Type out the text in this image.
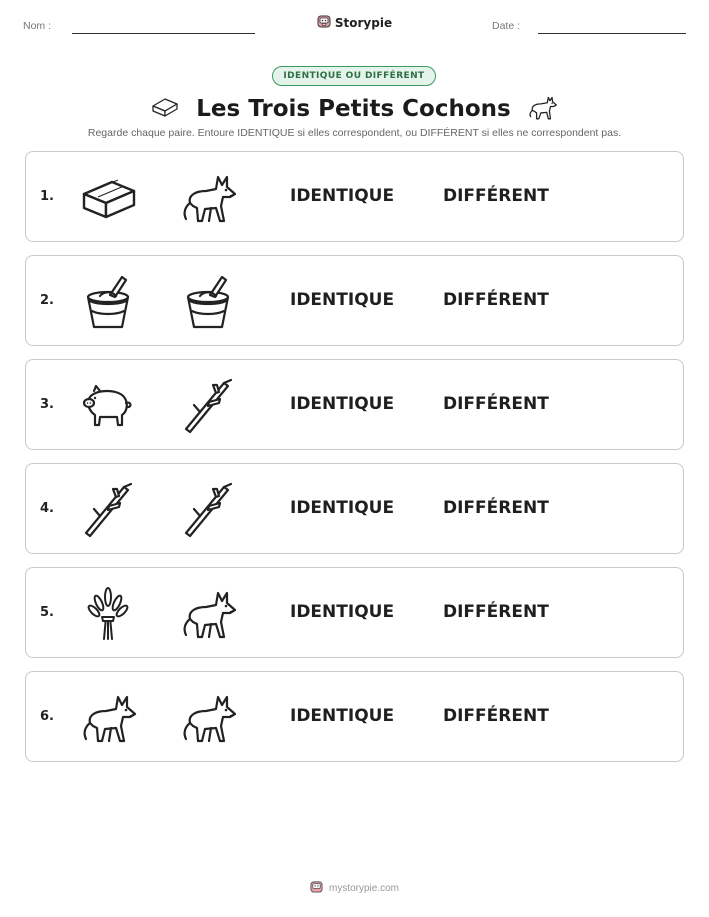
Nom :	Storypie	Date :
IDENTIQUE OU DIFFÉRENT
Les Trois Petits Cochons
Regarde chaque paire. Entoure IDENTIQUE si elles correspondent, ou DIFFÉRENT si elles ne correspondent pas.
1.	IDENTIQUE	DIFFÉRENT
2.	IDENTIQUE	DIFFÉRENT
3.	IDENTIQUE	DIFFÉRENT
4.	IDENTIQUE	DIFFÉRENT
5.	IDENTIQUE	DIFFÉRENT
6.	IDENTIQUE	DIFFÉRENT
mystorypie.com
